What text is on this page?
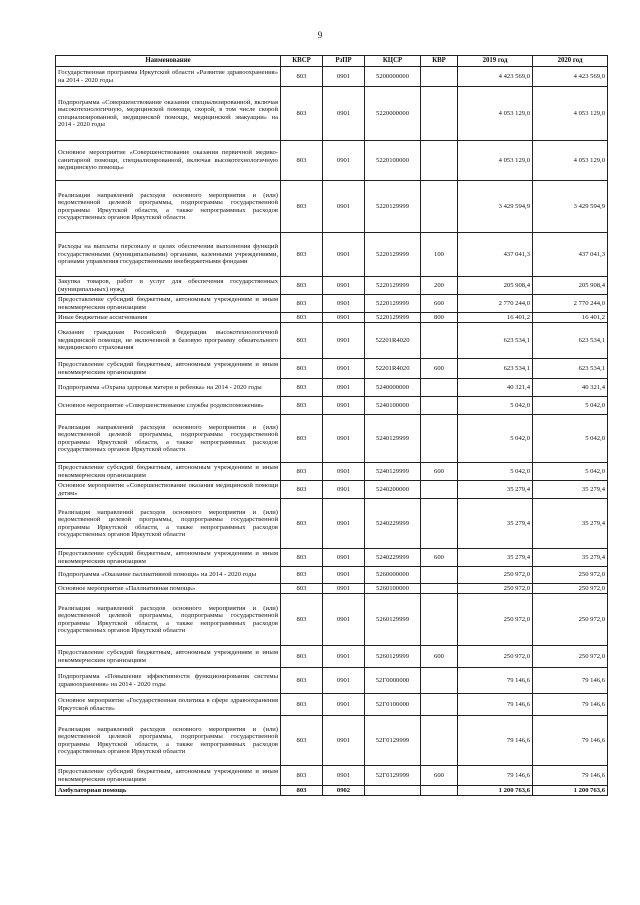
9
Наименование	КВСР	РзПР	КЦСР	КВР	2019 год	2020 год
Государственная программа Иркутской области «Развитие здравоохранения» на 2014 - 2020 годы	803	0901	5200000000		4 423 569,0	4 423 569,0
Подпрограмма «Совершенствование оказания специализированной, включая высокотехнологичную, медицинской помощи, скорой, в том числе скорой специализированной, медицинской помощи, медицинской эвакуации» на 2014 - 2020 годы	803	0901	5220000000		4 053 129,0	4 053 129,0
Основное мероприятие «Совершенствование оказания первичной медико-санитарной помощи, специализированной, включая высокотехнологичную медицинскую помощь»	803	0901	5220100000		4 053 129,0	4 053 129,0
Реализация направлений расходов основного мероприятия и (или) ведомственной целевой программы, подпрограммы государственной программы Иркутской области, а также непрограммных расходов государственных органов Иркутской области	803	0901	5220129999		3 429 594,9	3 429 594,9
Расходы на выплаты персоналу в целях обеспечения выполнения функций государственными (муниципальными) органами, казенными учреждениями, органами управления государственными внебюджетными фондами	803	0901	5220129999	100	437 041,3	437 041,3
Закупка товаров, работ и услуг для обеспечения государственных (муниципальных) нужд	803	0901	5220129999	200	205 908,4	205 908,4
Предоставление субсидий бюджетным, автономным учреждениям и иным некоммерческим организациям	803	0901	5220129999	600	2 770 244,0	2 770 244,0
Иные бюджетные ассигнования	803	0901	5220129999	800	16 401,2	16 401,2
Оказание гражданам Российской Федерации высокотехнологичной медицинской помощи, не включенной в базовую программу обязательного медицинского страхования	803	0901	52201R4020		623 534,1	623 534,1
Предоставление субсидий бюджетным, автономным учреждениям и иным некоммерческим организациям	803	0901	52201R4020	600	623 534,1	623 534,1
Подпрограмма «Охрана здоровья матери и ребенка» на 2014 - 2020 годы	803	0901	5240000000		40 321,4	40 321,4
Основное мероприятие «Совершенствование службы родовспоможения»	803	0901	5240100000		5 042,0	5 042,0
Реализация направлений расходов основного мероприятия и (или) ведомственной целевой программы, подпрограммы государственной программы Иркутской области, а также непрограммных расходов государственных органов Иркутской области	803	0901	5240129999		5 042,0	5 042,0
Предоставление субсидий бюджетным, автономным учреждениям и иным некоммерческим организациям	803	0901	5240129999	600	5 042,0	5 042,0
Основное мероприятие «Совершенствование оказания медицинской помощи детям»	803	0901	5240200000		35 279,4	35 279,4
Реализация направлений расходов основного мероприятия и (или) ведомственной целевой программы, подпрограммы государственной программы Иркутской области, а также непрограммных расходов государственных органов Иркутской области	803	0901	5240229999		35 279,4	35 279,4
Предоставление субсидий бюджетным, автономным учреждениям и иным некоммерческим организациям	803	0901	5240229999	600	35 279,4	35 279,4
Подпрограмма «Оказание паллиативной помощи» на 2014 - 2020 годы	803	0901	5260000000		250 972,0	250 972,0
Основное мероприятие «Паллиативная помощь»	803	0901	5260100000		250 972,0	250 972,0
Реализация направлений расходов основного мероприятия и (или) ведомственной целевой программы, подпрограммы государственной программы Иркутской области, а также непрограммных расходов государственных органов Иркутской области	803	0901	5260129999		250 972,0	250 972,0
Предоставление субсидий бюджетным, автономным учреждениям и иным некоммерческим организациям	803	0901	5260129999	600	250 972,0	250 972,0
Подпрограмма «Повышение эффективности функционирования системы здравоохранения» на 2014 - 2020 годы	803	0901	52Г0000000		79 146,6	79 146,6
Основное мероприятие «Государственная политика в сфере здравоохранения Иркутской области»	803	0901	52Г0100000		79 146,6	79 146,6
Реализация направлений расходов основного мероприятия и (или) ведомственной целевой программы, подпрограммы государственной программы Иркутской области, а также непрограммных расходов государственных органов Иркутской области	803	0901	52Г0129999		79 146,6	79 146,6
Предоставление субсидий бюджетным, автономным учреждениям и иным некоммерческим организациям	803	0901	52Г0129999	600	79 146,6	79 146,6
Амбулаторная помощь	803	0902			1 200 763,6	1 200 763,6
